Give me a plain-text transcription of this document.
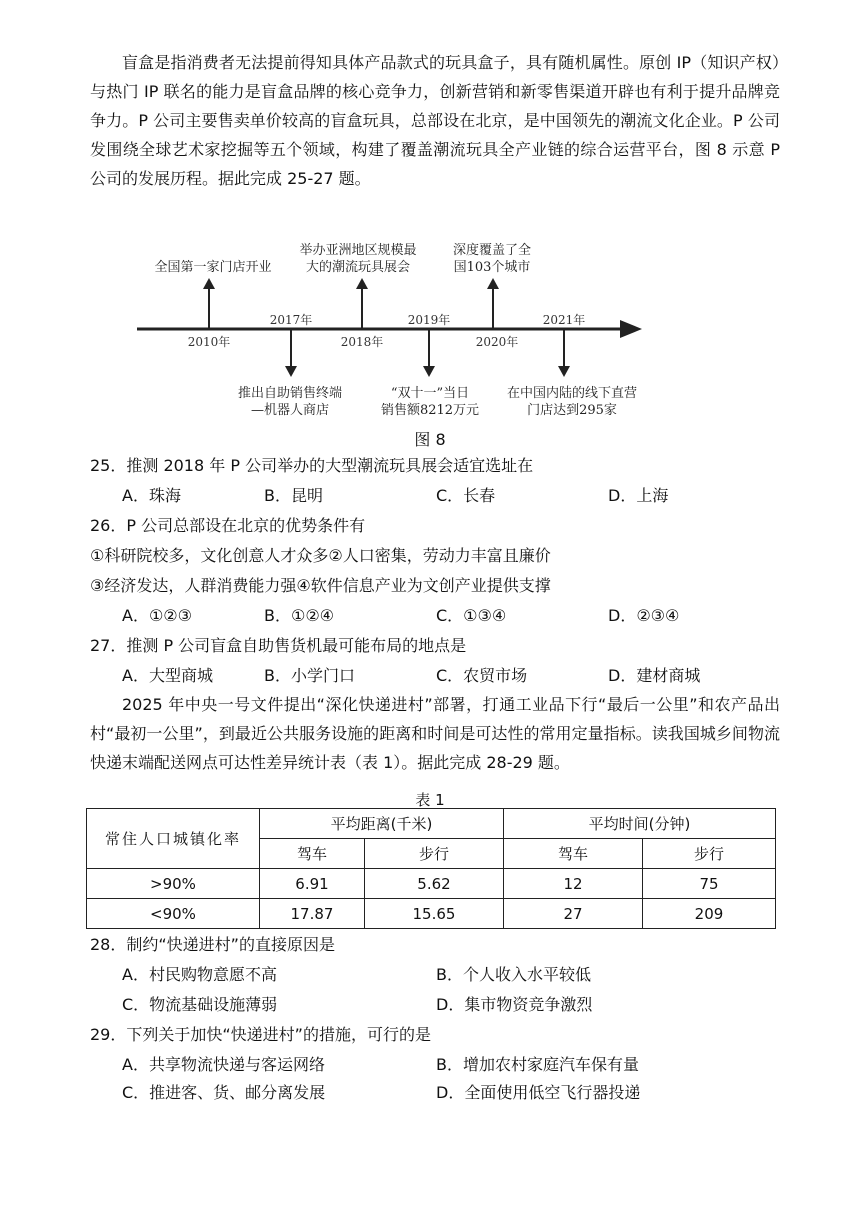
盲盒是指消费者无法提前得知具体产品款式的玩具盒子，具有随机属性。原创 IP（知识产权）与热门 IP 联名的能力是盲盒品牌的核心竞争力，创新营销和新零售渠道开辟也有利于提升品牌竞争力。P 公司主要售卖单价较高的盲盒玩具，总部设在北京，是中国领先的潮流文化企业。P 公司发围绕全球艺术家挖掘等五个领域，构建了覆盖潮流玩具全产业链的综合运营平台，图 8 示意 P 公司的发展历程。据此完成 25-27 题。
2010年
2017年
2018年
2019年
2020年
2021年
全国第一家门店开业
举办亚洲地区规模最
大的潮流玩具展会
深度覆盖了全
国103个城市
推出自助销售终端
—机器人商店
“双十一”当日
销售额8212万元
在中国内陆的线下直营
门店达到295家
图 8
25．推测 2018 年 P 公司举办的大型潮流玩具展会适宜选址在
A．珠海	B．昆明	C．长春	D．上海
26．P 公司总部设在北京的优势条件有
①科研院校多，文化创意人才众多②人口密集，劳动力丰富且廉价
③经济发达，人群消费能力强④软件信息产业为文创产业提供支撑
A．①②③	B．①②④	C．①③④	D．②③④
27．推测 P 公司盲盒自助售货机最可能布局的地点是
A．大型商城	B．小学门口	C．农贸市场	D．建材商城
2025 年中央一号文件提出“深化快递进村”部署，打通工业品下行“最后一公里”和农产品出村“最初一公里”，到最近公共服务设施的距离和时间是可达性的常用定量指标。读我国城乡间物流快递末端配送网点可达性差异统计表（表 1）。据此完成 28-29 题。
表 1
常住人口城镇化率	平均距离(千米)		平均时间(分钟)	
	驾车	步行	驾车	步行
>90%	6.91	5.62	12	75
<90%	17.87	15.65	27	209
28．制约“快递进村”的直接原因是
A．村民购物意愿不高	B．个人收入水平较低
C．物流基础设施薄弱	D．集市物资竞争激烈
29．下列关于加快“快递进村”的措施，可行的是
A．共享物流快递与客运网络	B．增加农村家庭汽车保有量
C．推进客、货、邮分离发展	D．全面使用低空飞行器投递
